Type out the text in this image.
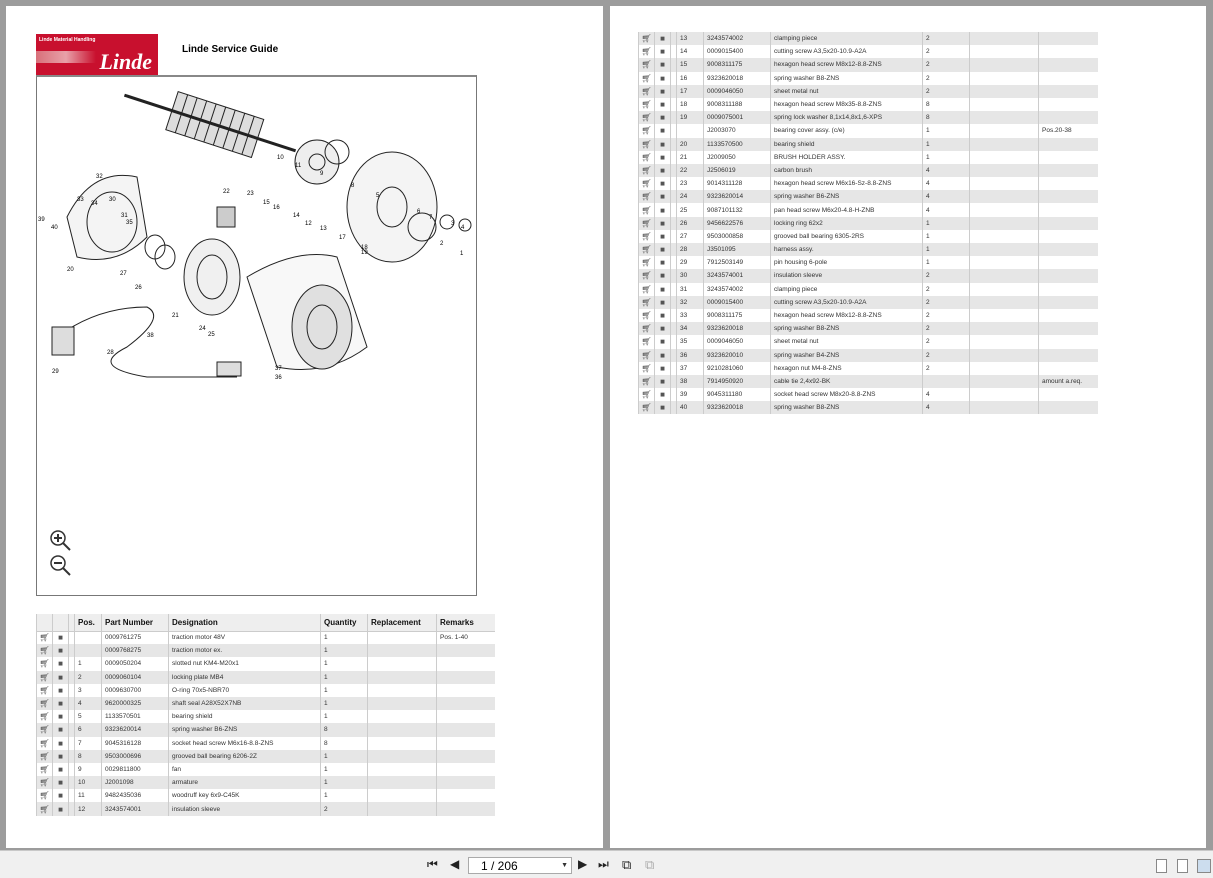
Linde Material Handling
Linde	Linde Service Guide
1
2
3
4
5
6
7
8
9
10
11
12
13
14
15
16
17
18
19
20
21
22	23
24
25
26
27
28
29
30
31
32
33
34
35
36
37
38
39
40
			Pos.	Part Number	Designation	Quantity	Replacement	Remarks
🛒︎	■			0009761275	traction motor 48V	1		Pos. 1-40
🛒︎	■			0009768275	traction motor ex.	1		
🛒︎	■		1	0009050204	slotted nut KM4-M20x1	1		
🛒︎	■		2	0009060104	locking plate MB4	1		
🛒︎	■		3	0009630700	O-ring 70x5-NBR70	1		
🛒︎	■		4	9620000325	shaft seal A28X52X7NB	1		
🛒︎	■		5	1133570501	bearing shield	1		
🛒︎	■		6	9323620014	spring washer B6-ZNS	8		
🛒︎	■		7	9045316128	socket head screw M6x16-8.8-ZNS	8		
🛒︎	■		8	9503000696	grooved ball bearing 6206-2Z	1		
🛒︎	■		9	0029811800	fan	1		
🛒︎	■		10	J2001098	armature	1		
🛒︎	■		11	9482435036	woodruff key 6x9-C45K	1		
🛒︎	■		12	3243574001	insulation sleeve	2		
🛒︎	■		13	3243574002	clamping piece	2		
🛒︎	■		14	0009015400	cutting screw A3,5x20-10.9-A2A	2		
🛒︎	■		15	9008311175	hexagon head screw M8x12-8.8-ZNS	2		
🛒︎	■		16	9323620018	spring washer B8-ZNS	2		
🛒︎	■		17	0009046050	sheet metal nut	2		
🛒︎	■		18	9008311188	hexagon head screw M8x35-8.8-ZNS	8		
🛒︎	■		19	0009075001	spring lock washer 8,1x14,8x1,6-XPS	8		
🛒︎	■			J2003070	bearing cover assy. (c/e)	1		Pos.20-38
🛒︎	■		20	1133570500	bearing shield	1		
🛒︎	■		21	J2009050	BRUSH HOLDER ASSY.	1		
🛒︎	■		22	J2506019	carbon brush	4		
🛒︎	■		23	9014311128	hexagon head screw M6x16-Sz-8.8-ZNS	4		
🛒︎	■		24	9323620014	spring washer B6-ZNS	4		
🛒︎	■		25	9087101132	pan head screw M6x20-4.8-H-ZNB	4		
🛒︎	■		26	9456622576	locking ring 62x2	1		
🛒︎	■		27	9503000858	grooved ball bearing 6305-2RS	1		
🛒︎	■		28	J3501095	harness assy.	1		
🛒︎	■		29	7912503149	pin housing 6-pole	1		
🛒︎	■		30	3243574001	insulation sleeve	2		
🛒︎	■		31	3243574002	clamping piece	2		
🛒︎	■		32	0009015400	cutting screw A3,5x20-10.9-A2A	2		
🛒︎	■		33	9008311175	hexagon head screw M8x12-8.8-ZNS	2		
🛒︎	■		34	9323620018	spring washer B8-ZNS	2		
🛒︎	■		35	0009046050	sheet metal nut	2		
🛒︎	■		36	9323620010	spring washer B4-ZNS	2		
🛒︎	■		37	9210281060	hexagon nut M4-8-ZNS	2		
🛒︎	■		38	7914950920	cable tie 2,4x92-BK			amount a.req.
🛒︎	■		39	9045311180	socket head screw M8x20-8.8-ZNS	4		
🛒︎	■		40	9323620018	spring washer B8-ZNS	4		
⏮ ◀	1 / 206	▼ ▶ ⏭ ⧉ ⧉
